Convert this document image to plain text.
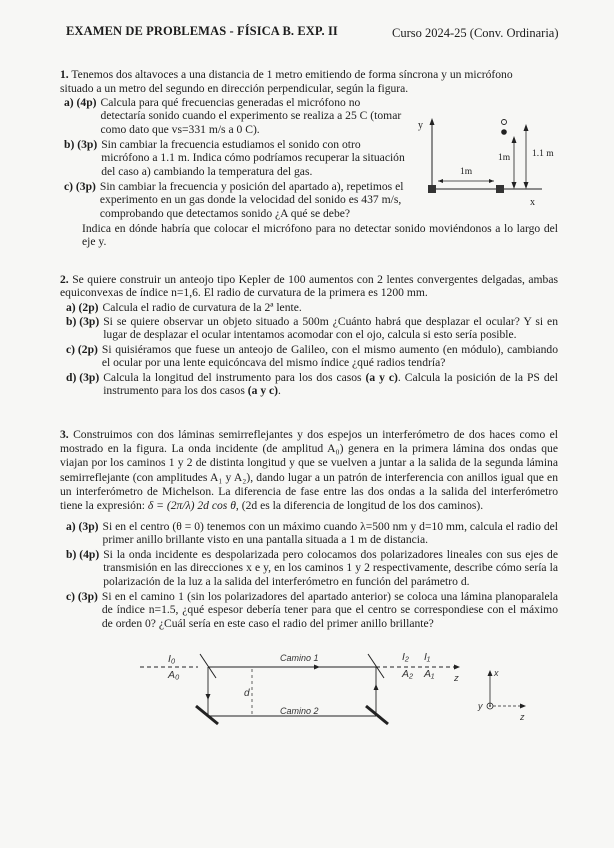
EXAMEN DE PROBLEMAS - FÍSICA B. EXP. II	Curso 2024-25 (Conv. Ordinaria)
1. Tenemos dos altavoces a una distancia de 1 metro emitiendo de forma síncrona y un micrófono
situado a un metro del segundo en dirección perpendicular, según la figura.
a) (4p) Calcula para qué frecuencias generadas el micrófono no detectaría sonido cuando el experimento se realiza a 25 C (tomar como dato que vs=331 m/s a 0 C).
b) (3p) Sin cambiar la frecuencia estudiamos el sonido con otro micrófono a 1.1 m. Indica cómo podríamos recuperar la situación del caso a) cambiando la temperatura del gas.
c) (3p) Sin cambiar la frecuencia y posición del apartado a), repetimos el experimento en un gas donde la velocidad del sonido es 437 m/s, comprobando que detectamos sonido ¿A qué se debe?
Indica en dónde habría que colocar el micrófono para no detectar sonido moviéndonos a lo largo del eje y.
y
x
1m
1m 1.1 m
2. Se quiere construir un anteojo tipo Kepler de 100 aumentos con 2 lentes convergentes delgadas, ambas equiconvexas de índice n=1,6. El radio de curvatura de la primera es 1200 mm.
a) (2p) Calcula el radio de curvatura de la 2ª lente.
b) (3p) Si se quiere observar un objeto situado a 500m ¿Cuánto habrá que desplazar el ocular? Y si en lugar de desplazar el ocular intentamos acomodar con el ojo, calcula si esto sería posible.
c) (2p) Si quisiéramos que fuese un anteojo de Galileo, con el mismo aumento (en módulo), cambiando el ocular por una lente equicóncava del mismo índice ¿qué radios tendría?
d) (3p) Calcula la longitud del instrumento para los dos casos (a y c). Calcula la posición de la PS del instrumento para los dos casos (a y c).
3. Construimos con dos láminas semirreflejantes y dos espejos un interferómetro de dos haces como el mostrado en la figura. La onda incidente (de amplitud A₀) genera en la primera lámina dos ondas que viajan por los caminos 1 y 2 de distinta longitud y que se vuelven a juntar a la salida de la segunda lámina semirreflejante (con amplitudes A₁ y A₂), dando lugar a un patrón de interferencia con anillos igual que en un interferómetro de Michelson. La diferencia de fase entre las dos ondas a la salida del interferómetro tiene la expresión: δ = (2π/λ) 2d cos θ, (2d es la diferencia de longitud de los dos caminos).
a) (3p) Si en el centro (θ = 0) tenemos con un máximo cuando λ=500 nm y d=10 mm, calcula el radio del primer anillo brillante visto en una pantalla situada a 1 m de distancia.
b) (4p) Si la onda incidente es despolarizada pero colocamos dos polarizadores lineales con sus ejes de transmisión en las direcciones x e y, en los caminos 1 y 2 respectivamente, describe cómo sería la polarización de la luz a la salida del interferómetro en función del parámetro d.
c) (3p) Si en el camino 1 (sin los polarizadores del apartado anterior) se coloca una lámina planoparalela de índice n=1.5, ¿qué espesor debería tener para que el centro se correspondiese con el máximo de orden 0? ¿Cuál sería en este caso el radio del primer anillo brillante?
I₀
A₀
Camino 1
Camino 2
d
I₂ I₁
A₂ A₁ z	x
y
z
